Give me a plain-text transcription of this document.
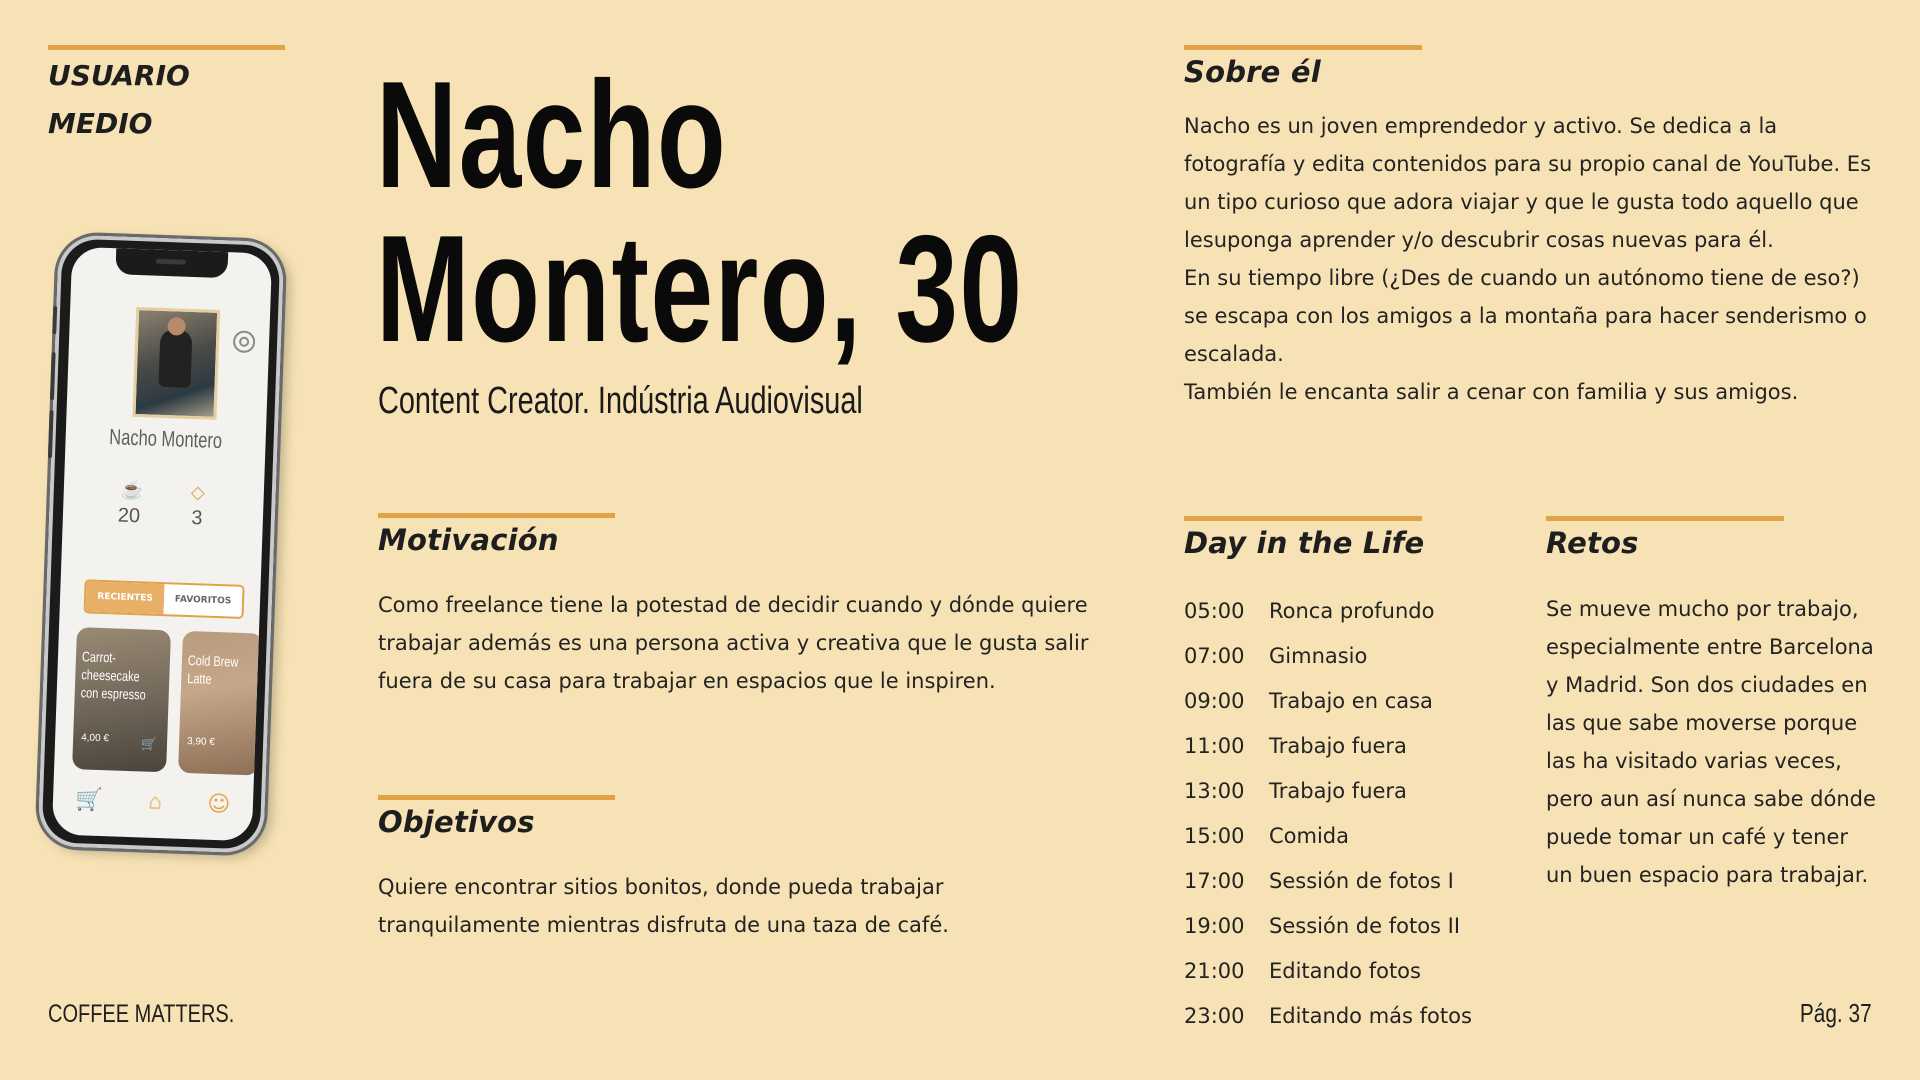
USUARIO
MEDIO
Nacho Montero
☕
20
◇
3
RECIENTES	FAVORITOS
Carrot-cheesecake con espresso
4,00 € 🛒
Cold Brew Latte
3,90 €
🛒 ⌂ ☺
Nacho
Montero, 30
Content Creator. Indústria Audiovisual
Motivación
Como freelance tiene la potestad de decidir cuando y dónde quiere trabajar además es una persona activa y creativa que le gusta salir fuera de su casa para trabajar en espacios que le inspiren.
Objetivos
Quiere encontrar sitios bonitos, donde pueda trabajar tranquilamente mientras disfruta de una taza de café.
Sobre él

Nacho es un joven emprendedor y activo. Se dedica a la fotografía y edita contenidos para su propio canal de YouTube. Es un tipo curioso que adora viajar y que le gusta todo aquello que lesuponga aprender y/o descubrir cosas nuevas para él.

En su tiempo libre (¿Des de cuando un autónomo tiene de eso?) se escapa con los amigos a la montaña para hacer senderismo o escalada.

También le encanta salir a cenar con familia y sus amigos.

Day in the Life
05:00	Ronca profundo
07:00	Gimnasio
09:00	Trabajo en casa
11:00	Trabajo fuera
13:00	Trabajo fuera
15:00	Comida
17:00	Sessión de fotos I
19:00	Sessión de fotos II
21:00	Editando fotos
23:00	Editando más fotos
Retos
Se mueve mucho por trabajo, especialmente entre Barcelona y Madrid. Son dos ciudades en las que sabe moverse porque las ha visitado varias veces, pero aun así nunca sabe dónde puede tomar un café y tener un buen espacio para trabajar.
COFFEE MATTERS.	Pág. 37
